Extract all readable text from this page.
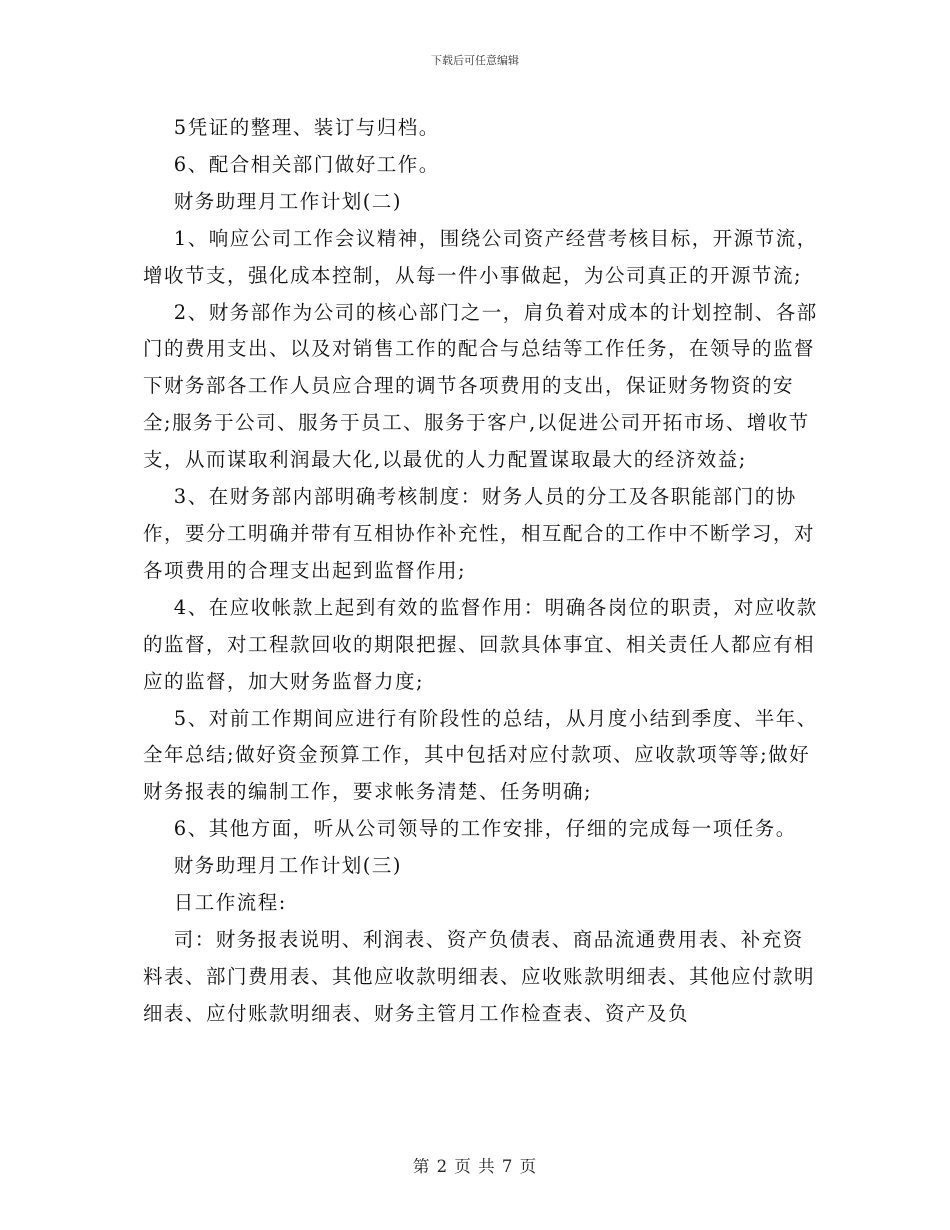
下载后可任意编辑

5凭证的整理、装订与归档。

6、配合相关部门做好工作。

财务助理月工作计划(二)

1、响应公司工作会议精神，围绕公司资产经营考核目标，开源节流，增收节支，强化成本控制，从每一件小事做起，为公司真正的开源节流;

2、财务部作为公司的核心部门之一，肩负着对成本的计划控制、各部门的费用支出、以及对销售工作的配合与总结等工作任务，在领导的监督下财务部各工作人员应合理的调节各项费用的支出，保证财务物资的安全;服务于公司、服务于员工、服务于客户,以促进公司开拓市场、增收节支，从而谋取利润最大化,以最优的人力配置谋取最大的经济效益;

3、在财务部内部明确考核制度：财务人员的分工及各职能部门的协作，要分工明确并带有互相协作补充性，相互配合的工作中不断学习，对各项费用的合理支出起到监督作用;

4、在应收帐款上起到有效的监督作用：明确各岗位的职责，对应收款的监督，对工程款回收的期限把握、回款具体事宜、相关责任人都应有相应的监督，加大财务监督力度;

5、对前工作期间应进行有阶段性的总结，从月度小结到季度、半年、全年总结;做好资金预算工作，其中包括对应付款项、应收款项等等;做好财务报表的编制工作，要求帐务清楚、任务明确;

6、其他方面，听从公司领导的工作安排，仔细的完成每一项任务。

财务助理月工作计划(三)

日工作流程:

司：财务报表说明、利润表、资产负债表、商品流通费用表、补充资料表、部门费用表、其他应收款明细表、应收账款明细表、其他应付款明细表、应付账款明细表、财务主管月工作检查表、资产及负

第 2 页 共 7 页
